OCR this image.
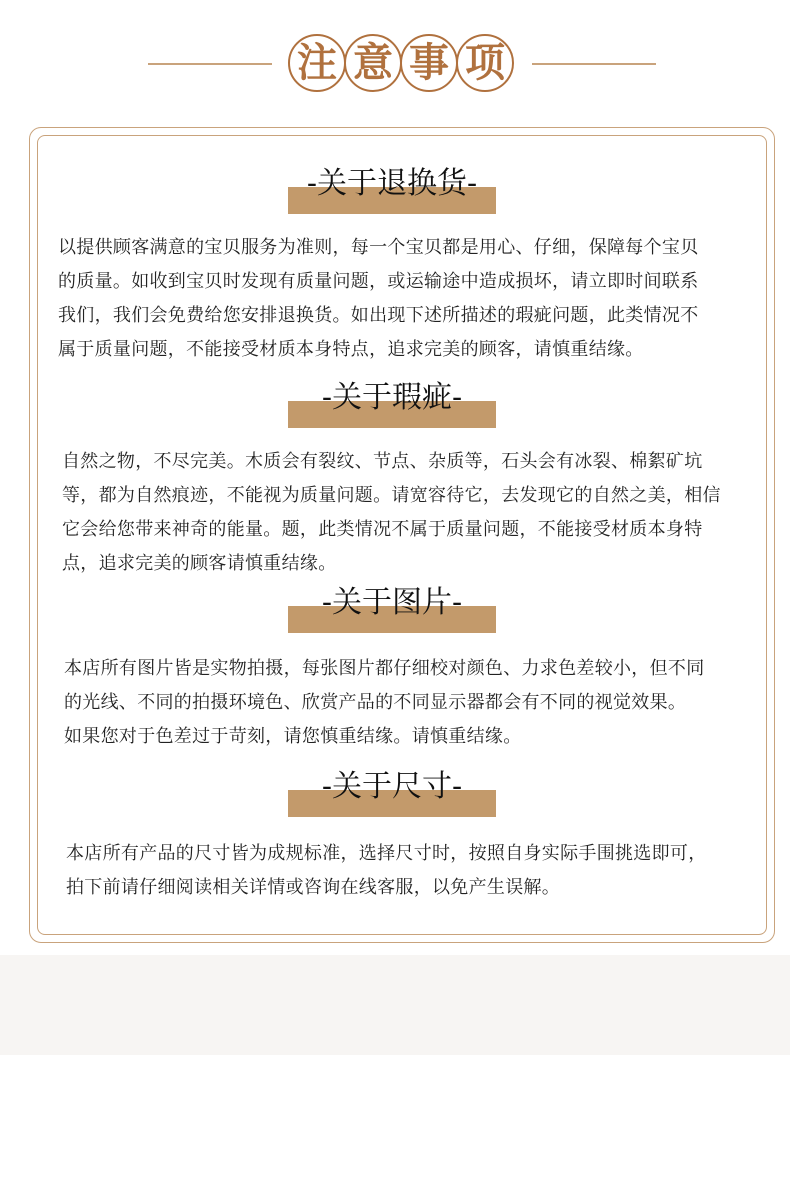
注 意 事 项
-关于退换货-
以提供顾客满意的宝贝服务为准则，每一个宝贝都是用心、仔细，保障每个宝贝
的质量。如收到宝贝时发现有质量问题，或运输途中造成损坏，请立即时间联系
我们，我们会免费给您安排退换货。如出现下述所描述的瑕疵问题，此类情况不
属于质量问题，不能接受材质本身特点，追求完美的顾客，请慎重结缘。
-关于瑕疵-
自然之物，不尽完美。木质会有裂纹、节点、杂质等，石头会有冰裂、棉絮矿坑
等，都为自然痕迹，不能视为质量问题。请宽容待它，去发现它的自然之美，相信
它会给您带来神奇的能量。题，此类情况不属于质量问题，不能接受材质本身特
点，追求完美的顾客请慎重结缘。
-关于图片-
本店所有图片皆是实物拍摄，每张图片都仔细校对颜色、力求色差较小，但不同
的光线、不同的拍摄环境色、欣赏产品的不同显示器都会有不同的视觉效果。
如果您对于色差过于苛刻，请您慎重结缘。请慎重结缘。
-关于尺寸-
本店所有产品的尺寸皆为成规标准，选择尺寸时，按照自身实际手围挑选即可，
拍下前请仔细阅读相关详情或咨询在线客服，以免产生误解。
